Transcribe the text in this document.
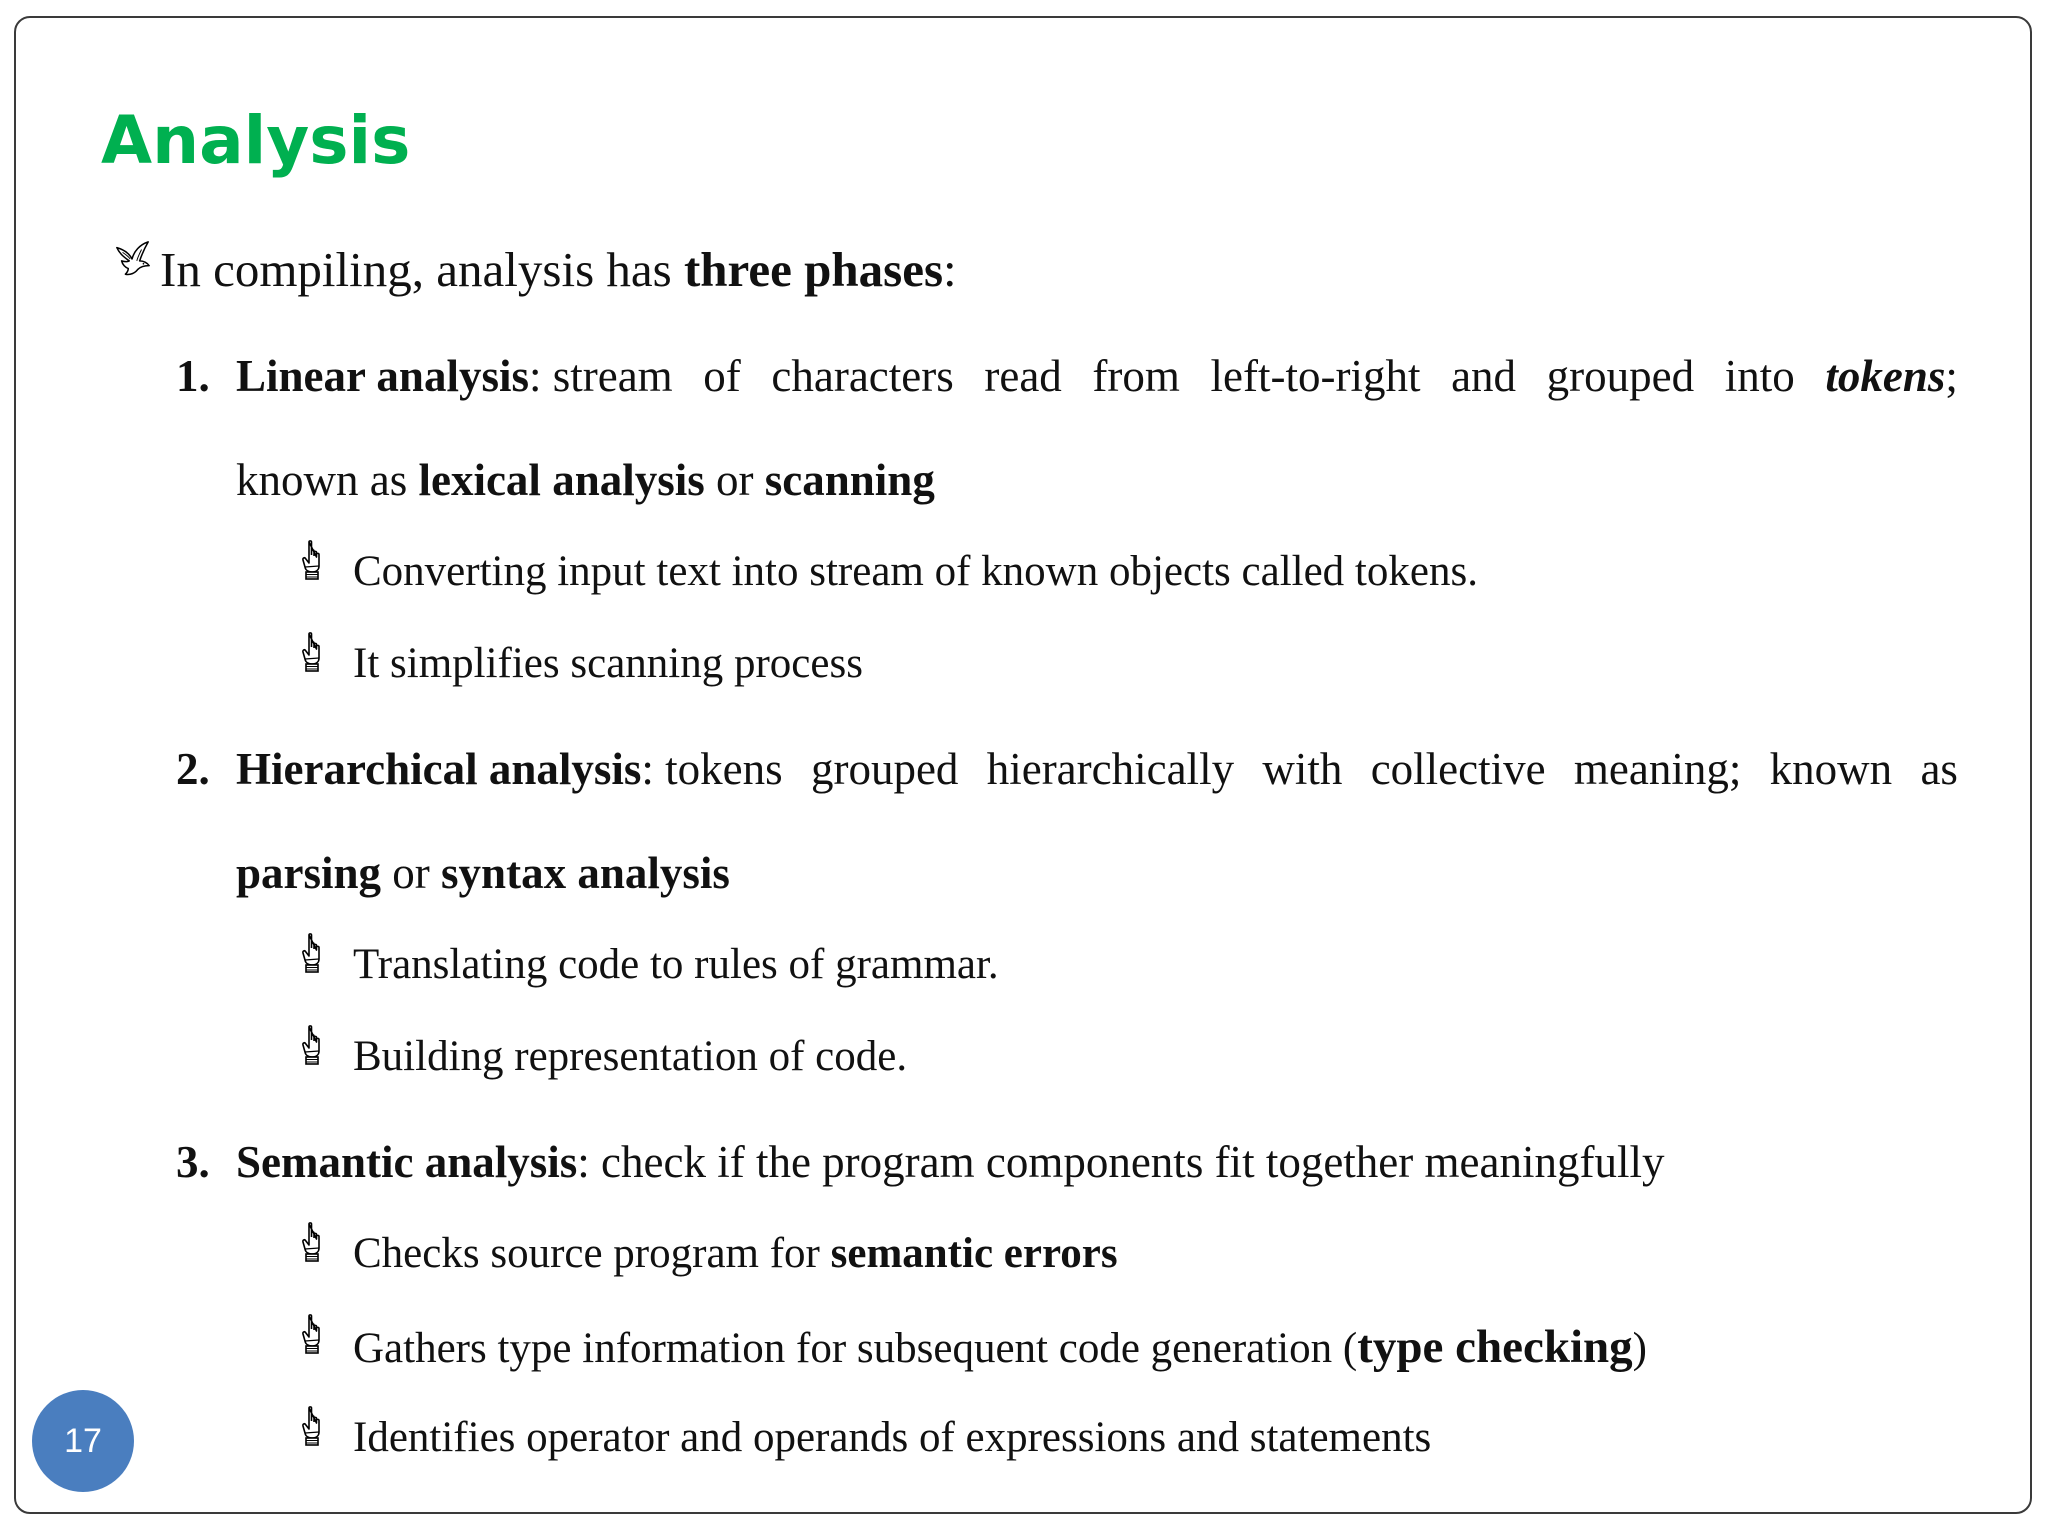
Analysis
In compiling, analysis has three phases:
1. Linear analysis: stream of characters read from left-to-right and grouped into tokens;
known as lexical analysis or scanning
Converting input text into stream of known objects called tokens.
It simplifies scanning process
2. Hierarchical analysis: tokens grouped hierarchically with collective meaning; known as
parsing or syntax analysis
Translating code to rules of grammar.
Building representation of code.
3. Semantic analysis: check if the program components fit together meaningfully
Checks source program for semantic errors
Gathers type information for subsequent code generation (type checking)
Identifies operator and operands of expressions and statements
17
